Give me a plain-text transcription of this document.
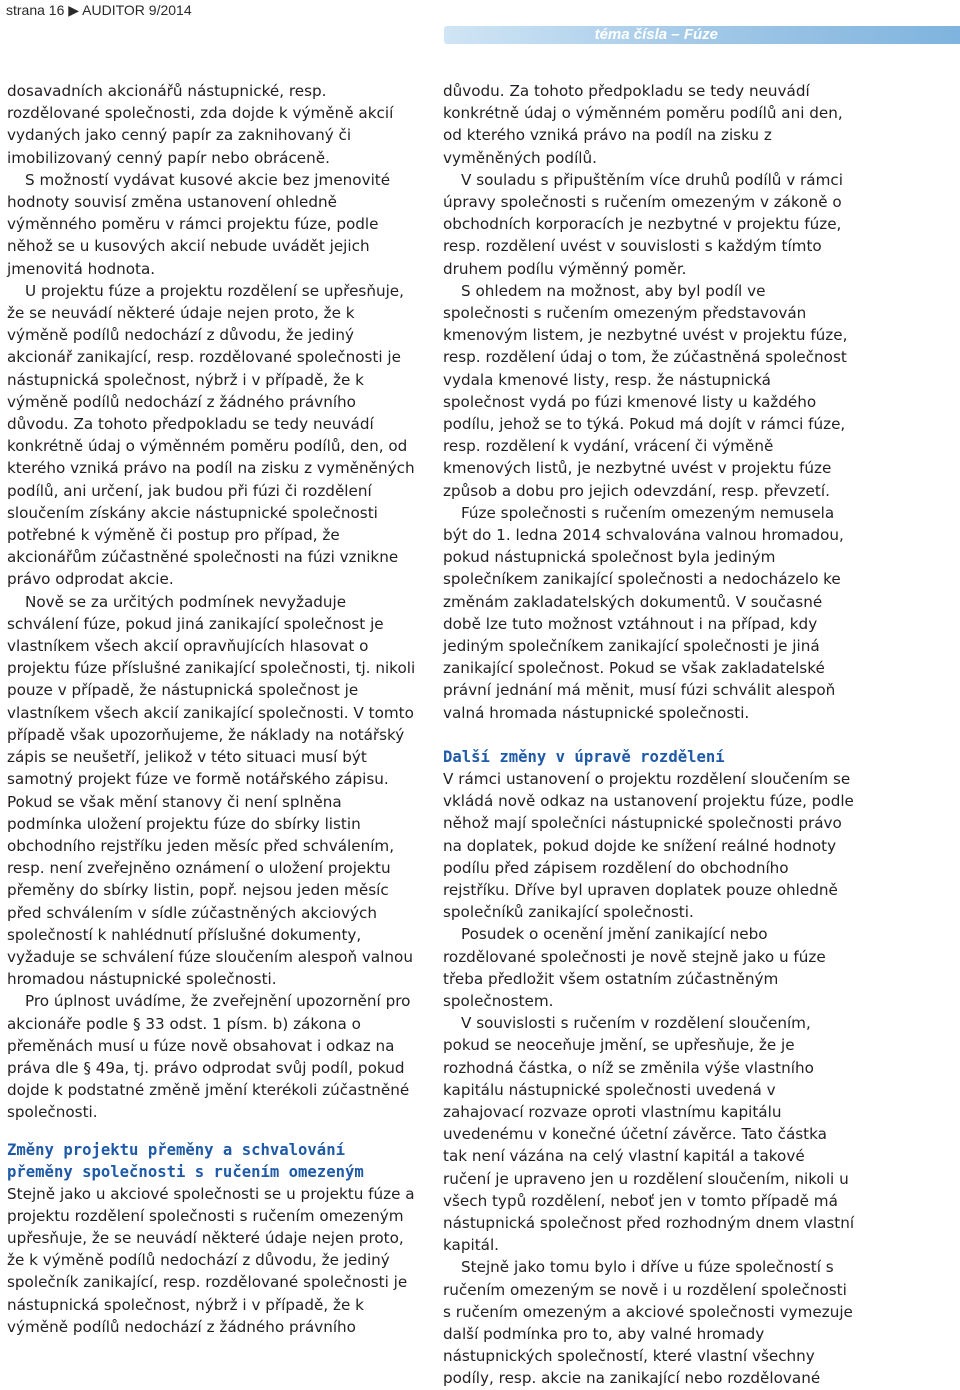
strana 16 ▶ AUDITOR 9/2014
téma čísla – Fúze

dosavadních akcionářů nástupnické, resp. rozdělované společnosti, zda dojde k výměně akcií vydaných jako cenný papír za zaknihovaný či imobilizovaný cenný papír nebo obráceně.

S možností vydávat kusové akcie bez jmenovité hodnoty souvisí změna ustanovení ohledně výměnného poměru v rámci projektu fúze, podle něhož se u kusových akcií nebude uvádět jejich jmenovitá hodnota.

U projektu fúze a projektu rozdělení se upřesňuje, že se neuvádí některé údaje nejen proto, že k výměně podílů nedochází z důvodu, že jediný akcionář zanikající, resp. rozdělované společnosti je nástupnická společnost, nýbrž i v případě, že k výměně podílů nedochází z žádného právního důvodu. Za tohoto předpokladu se tedy neuvádí konkrétně údaj o výměnném poměru podílů, den, od kterého vzniká právo na podíl na zisku z vyměněných podílů, ani určení, jak budou při fúzi či rozdělení sloučením získány akcie nástupnické společnosti potřebné k výměně či postup pro případ, že akcionářům zúčastněné společnosti na fúzi vznikne právo odprodat akcie.

Nově se za určitých podmínek nevyžaduje schválení fúze, pokud jiná zanikající společnost je vlastníkem všech akcií opravňujících hlasovat o projektu fúze příslušné zanikající společnosti, tj. nikoli pouze v případě, že nástupnická společnost je vlastníkem všech akcií zanikající společnosti. V tomto případě však upozorňujeme, že náklady na notářský zápis se neušetří, jelikož v této situaci musí být samotný projekt fúze ve formě notářského zápisu. Pokud se však mění stanovy či není splněna podmínka uložení projektu fúze do sbírky listin obchodního rejstříku jeden měsíc před schválením, resp. není zveřejněno oznámení o uložení projektu přeměny do sbírky listin, popř. nejsou jeden měsíc před schválením v sídle zúčastněných akciových společností k nahlédnutí příslušné dokumenty, vyžaduje se schválení fúze sloučením alespoň valnou hromadou nástupnické společnosti.

Pro úplnost uvádíme, že zveřejnění upozornění pro akcionáře podle § 33 odst. 1 písm. b) zákona o přeměnách musí u fúze nově obsahovat i odkaz na práva dle § 49a, tj. právo odprodat svůj podíl, pokud dojde k podstatné změně jmění kterékoli zúčastněné společnosti.

Změny projektu přeměny a schvalování přeměny společnosti s ručením omezeným

Stejně jako u akciové společnosti se u projektu fúze a projektu rozdělení společnosti s ručením omezeným upřesňuje, že se neuvádí některé údaje nejen proto, že k výměně podílů nedochází z důvodu, že jediný společník zanikající, resp. rozdělované společnosti je nástupnická společnost, nýbrž i v případě, že k výměně podílů nedochází z žádného právního

důvodu. Za tohoto předpokladu se tedy neuvádí konkrétně údaj o výměnném poměru podílů ani den, od kterého vzniká právo na podíl na zisku z vyměněných podílů.

V souladu s připuštěním více druhů podílů v rámci úpravy společnosti s ručením omezeným v zákoně o obchodních korporacích je nezbytné v projektu fúze, resp. rozdělení uvést v souvislosti s každým tímto druhem podílu výměnný poměr.

S ohledem na možnost, aby byl podíl ve společnosti s ručením omezeným představován kmenovým listem, je nezbytné uvést v projektu fúze, resp. rozdělení údaj o tom, že zúčastněná společnost vydala kmenové listy, resp. že nástupnická společnost vydá po fúzi kmenové listy u každého podílu, jehož se to týká. Pokud má dojít v rámci fúze, resp. rozdělení k vydání, vrácení či výměně kmenových listů, je nezbytné uvést v projektu fúze způsob a dobu pro jejich odevzdání, resp. převzetí.

Fúze společnosti s ručením omezeným nemusela být do 1. ledna 2014 schvalována valnou hromadou, pokud nástupnická společnost byla jediným společníkem zanikající společnosti a nedocházelo ke změnám zakladatelských dokumentů. V současné době lze tuto možnost vztáhnout i na případ, kdy jediným společníkem zanikající společnosti je jiná zanikající společnost. Pokud se však zakladatelské právní jednání má měnit, musí fúzi schválit alespoň valná hromada nástupnické společnosti.

Další změny v úpravě rozdělení

V rámci ustanovení o projektu rozdělení sloučením se vkládá nově odkaz na ustanovení projektu fúze, podle něhož mají společníci nástupnické společnosti právo na doplatek, pokud dojde ke snížení reálné hodnoty podílu před zápisem rozdělení do obchodního rejstříku. Dříve byl upraven doplatek pouze ohledně společníků zanikající společnosti.

Posudek o ocenění jmění zanikající nebo rozdělované společnosti je nově stejně jako u fúze třeba předložit všem ostatním zúčastněným společnostem.

V souvislosti s ručením v rozdělení sloučením, pokud se neoceňuje jmění, se upřesňuje, že je rozhodná částka, o níž se změnila výše vlastního kapitálu nástupnické společnosti uvedená v zahajovací rozvaze oproti vlastnímu kapitálu uvedenému v konečné účetní závěrce. Tato částka tak není vázána na celý vlastní kapitál a takové ručení je upraveno jen u rozdělení sloučením, nikoli u všech typů rozdělení, neboť jen v tomto případě má nástupnická společnost před rozhodným dnem vlastní kapitál.

Stejně jako tomu bylo i dříve u fúze společností s ručením omezeným se nově i u rozdělení společnosti s ručením omezeným a akciové společnosti vymezuje další podmínka pro to, aby valné hromady nástupnických společností, které vlastní všechny podíly, resp. akcie na zanikající nebo rozdělované
